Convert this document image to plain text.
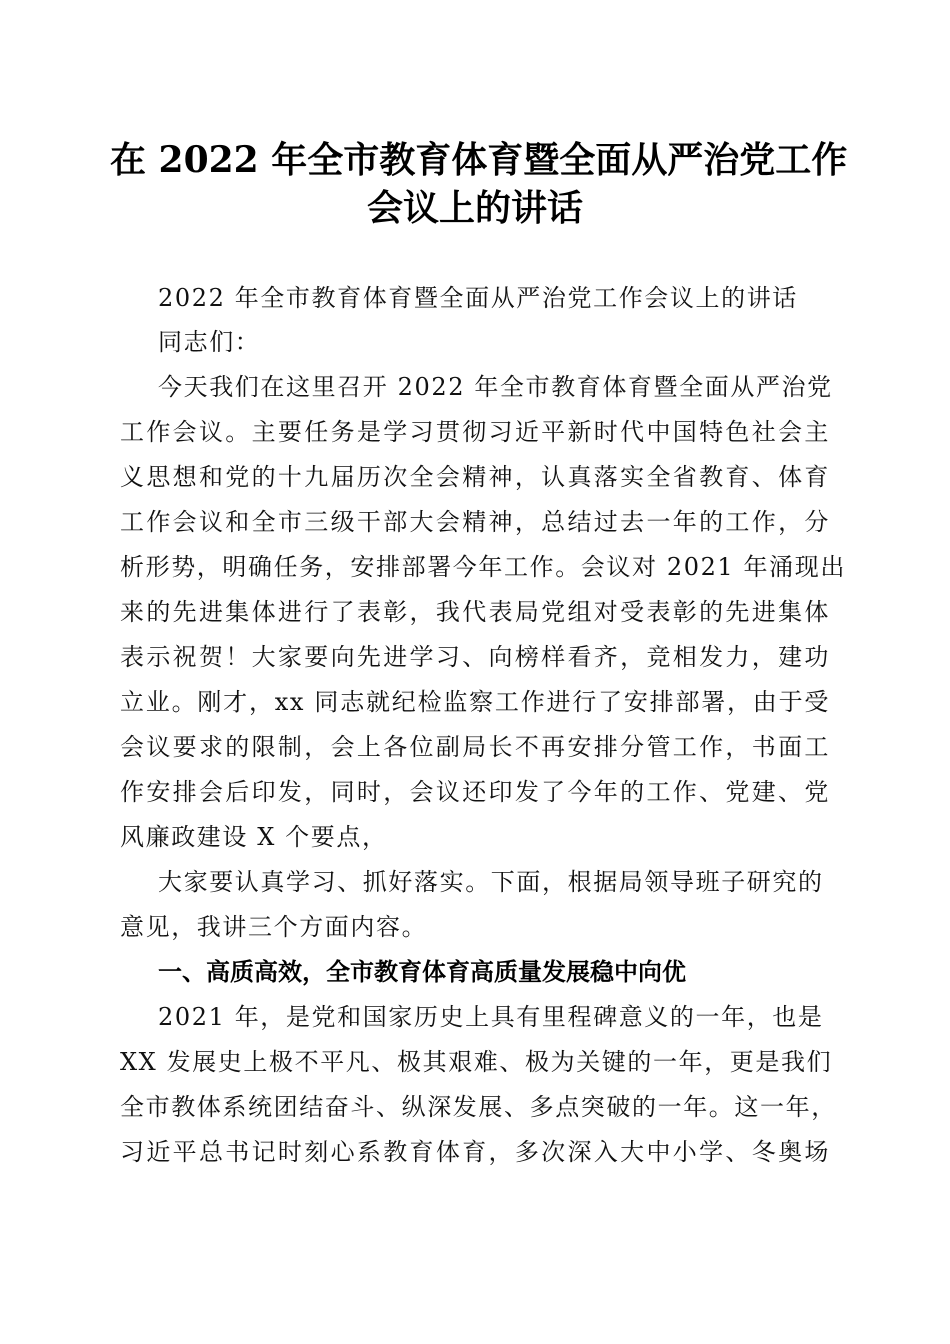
在 2022 年全市教育体育暨全面从严治党工作
会议上的讲话
2022 年全市教育体育暨全面从严治党工作会议上的讲话
同志们：
今天我们在这里召开 2022 年全市教育体育暨全面从严治党
工作会议。主要任务是学习贯彻习近平新时代中国特色社会主
义思想和党的十九届历次全会精神，认真落实全省教育、体育
工作会议和全市三级干部大会精神，总结过去一年的工作，分
析形势，明确任务，安排部署今年工作。会议对 2021 年涌现出
来的先进集体进行了表彰，我代表局党组对受表彰的先进集体
表示祝贺！大家要向先进学习、向榜样看齐，竞相发力，建功
立业。刚才，xx 同志就纪检监察工作进行了安排部署，由于受
会议要求的限制，会上各位副局长不再安排分管工作，书面工
作安排会后印发，同时，会议还印发了今年的工作、党建、党
风廉政建设 X 个要点，
大家要认真学习、抓好落实。下面，根据局领导班子研究的
意见，我讲三个方面内容。
一、高质高效，全市教育体育高质量发展稳中向优
2021 年，是党和国家历史上具有里程碑意义的一年，也是
XX 发展史上极不平凡、极其艰难、极为关键的一年，更是我们
全市教体系统团结奋斗、纵深发展、多点突破的一年。这一年，
习近平总书记时刻心系教育体育，多次深入大中小学、冬奥场
